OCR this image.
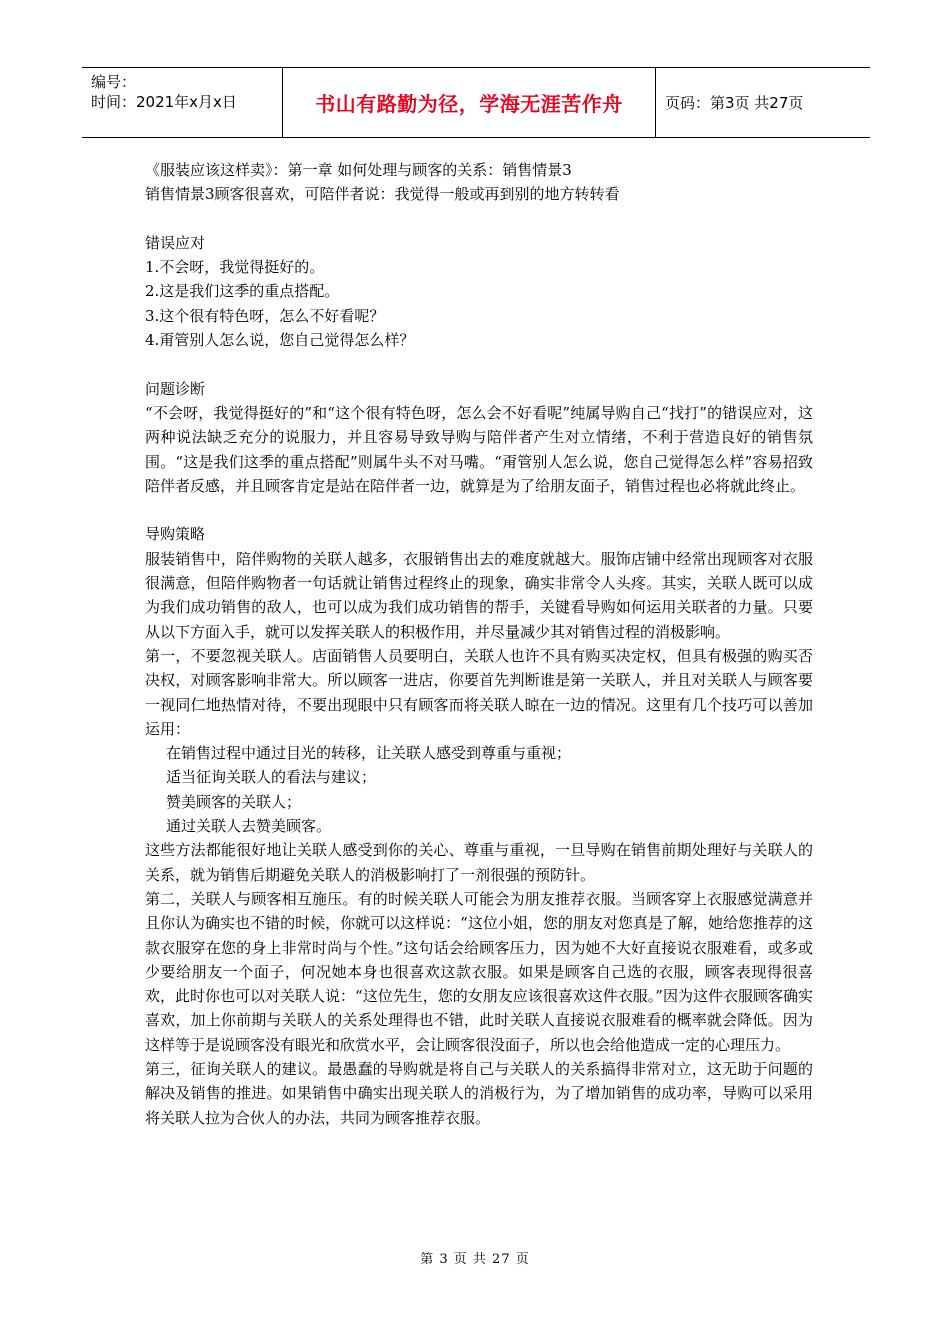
编号：
时间：2021年x月x日	书山有路勤为径，学海无涯苦作舟	页码：第3页 共27页

《服装应该这样卖》：第一章 如何处理与顾客的关系：销售情景3

销售情景3顾客很喜欢，可陪伴者说：我觉得一般或再到别的地方转转看

错误应对

1.不会呀，我觉得挺好的。

2.这是我们这季的重点搭配。

3.这个很有特色呀，怎么不好看呢？

4.甭管别人怎么说，您自己觉得怎么样？

问题诊断

“不会呀，我觉得挺好的”和“这个很有特色呀，怎么会不好看呢”纯属导购自己“找打”的错误应对，这两种说法缺乏充分的说服力，并且容易导致导购与陪伴者产生对立情绪，不利于营造良好的销售氛围。“这是我们这季的重点搭配”则属牛头不对马嘴。“甭管别人怎么说，您自己觉得怎么样”容易招致陪伴者反感，并且顾客肯定是站在陪伴者一边，就算是为了给朋友面子，销售过程也必将就此终止。

导购策略

服装销售中，陪伴购物的关联人越多，衣服销售出去的难度就越大。服饰店铺中经常出现顾客对衣服很满意，但陪伴购物者一句话就让销售过程终止的现象，确实非常令人头疼。其实，关联人既可以成为我们成功销售的敌人，也可以成为我们成功销售的帮手，关键看导购如何运用关联者的力量。只要从以下方面入手，就可以发挥关联人的积极作用，并尽量减少其对销售过程的消极影响。

第一，不要忽视关联人。店面销售人员要明白，关联人也许不具有购买决定权，但具有极强的购买否决权，对顾客影响非常大。所以顾客一进店，你要首先判断谁是第一关联人，并且对关联人与顾客要一视同仁地热情对待，不要出现眼中只有顾客而将关联人晾在一边的情况。这里有几个技巧可以善加运用：

在销售过程中通过目光的转移，让关联人感受到尊重与重视；

适当征询关联人的看法与建议；

赞美顾客的关联人；

通过关联人去赞美顾客。

这些方法都能很好地让关联人感受到你的关心、尊重与重视，一旦导购在销售前期处理好与关联人的关系，就为销售后期避免关联人的消极影响打了一剂很强的预防针。

第二，关联人与顾客相互施压。有的时候关联人可能会为朋友推荐衣服。当顾客穿上衣服感觉满意并且你认为确实也不错的时候，你就可以这样说：“这位小姐，您的朋友对您真是了解，她给您推荐的这款衣服穿在您的身上非常时尚与个性。”这句话会给顾客压力，因为她不大好直接说衣服难看，或多或少要给朋友一个面子，何况她本身也很喜欢这款衣服。如果是顾客自己选的衣服，顾客表现得很喜欢，此时你也可以对关联人说：“这位先生，您的女朋友应该很喜欢这件衣服。”因为这件衣服顾客确实喜欢，加上你前期与关联人的关系处理得也不错，此时关联人直接说衣服难看的概率就会降低。因为这样等于是说顾客没有眼光和欣赏水平，会让顾客很没面子，所以也会给他造成一定的心理压力。

第三，征询关联人的建议。最愚蠢的导购就是将自己与关联人的关系搞得非常对立，这无助于问题的解决及销售的推进。如果销售中确实出现关联人的消极行为，为了增加销售的成功率，导购可以采用将关联人拉为合伙人的办法，共同为顾客推荐衣服。

第 3 页 共 27 页
